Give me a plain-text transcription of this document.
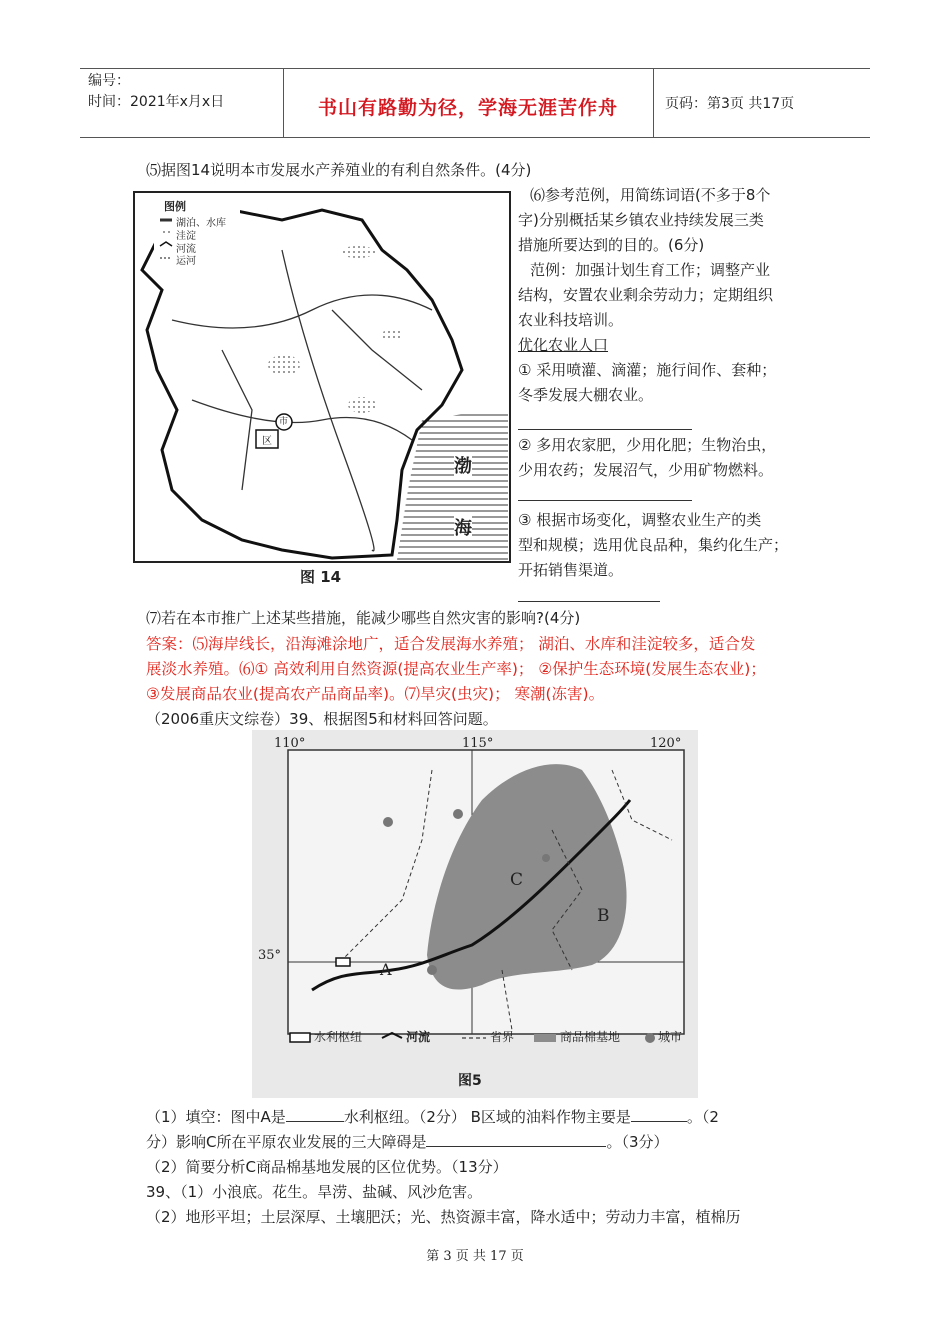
编号：
时间：2021年x月x日	书山有路勤为径，学海无涯苦作舟	页码：第3页 共17页
⑸据图14说明本市发展水产养殖业的有利自然条件。(4分)
图例
湖泊、水库
洼淀
河流
运河
市
区
渤
海
图 14
⑹参考范例，用简练词语(不多于8个
字)分别概括某乡镇农业持续发展三类
措施所要达到的目的。(6分)
范例：加强计划生育工作；调整产业
结构，安置农业剩余劳动力；定期组织
农业科技培训。
优化农业人口
① 采用喷灌、滴灌；施行间作、套种；
冬季发展大棚农业。
② 多用农家肥，少用化肥；生物治虫，
少用农药；发展沼气，少用矿物燃料。
③ 根据市场变化，调整农业生产的类
型和规模；选用优良品种，集约化生产；
开拓销售渠道。
⑺若在本市推广上述某些措施，能减少哪些自然灾害的影响?(4分)
答案：⑸海岸线长，沿海滩涂地广，适合发展海水养殖； 湖泊、水库和洼淀较多，适合发
展淡水养殖。⑹① 高效利用自然资源(提高农业生产率)； ②保护生态环境(发展生态农业)；
③发展商品农业(提高农产品商品率)。⑺旱灾(虫灾)； 寒潮(冻害)。
（2006重庆文综卷）39、根据图5和材料回答问题。
110°	115°	120°
35°
A
B
C
水利枢纽	河流	省界	商品棉基地	城市
图5
（1）填空：图中A是	水利枢纽。（2分） B区域的油料作物主要是	。（2
分）影响C所在平原农业发展的三大障碍是	。（3分）
（2）简要分析C商品棉基地发展的区位优势。（13分）
39、（1）小浪底。花生。旱涝、盐碱、风沙危害。
（2）地形平坦；土层深厚、土壤肥沃；光、热资源丰富，降水适中；劳动力丰富，植棉历
第 3 页 共 17 页
